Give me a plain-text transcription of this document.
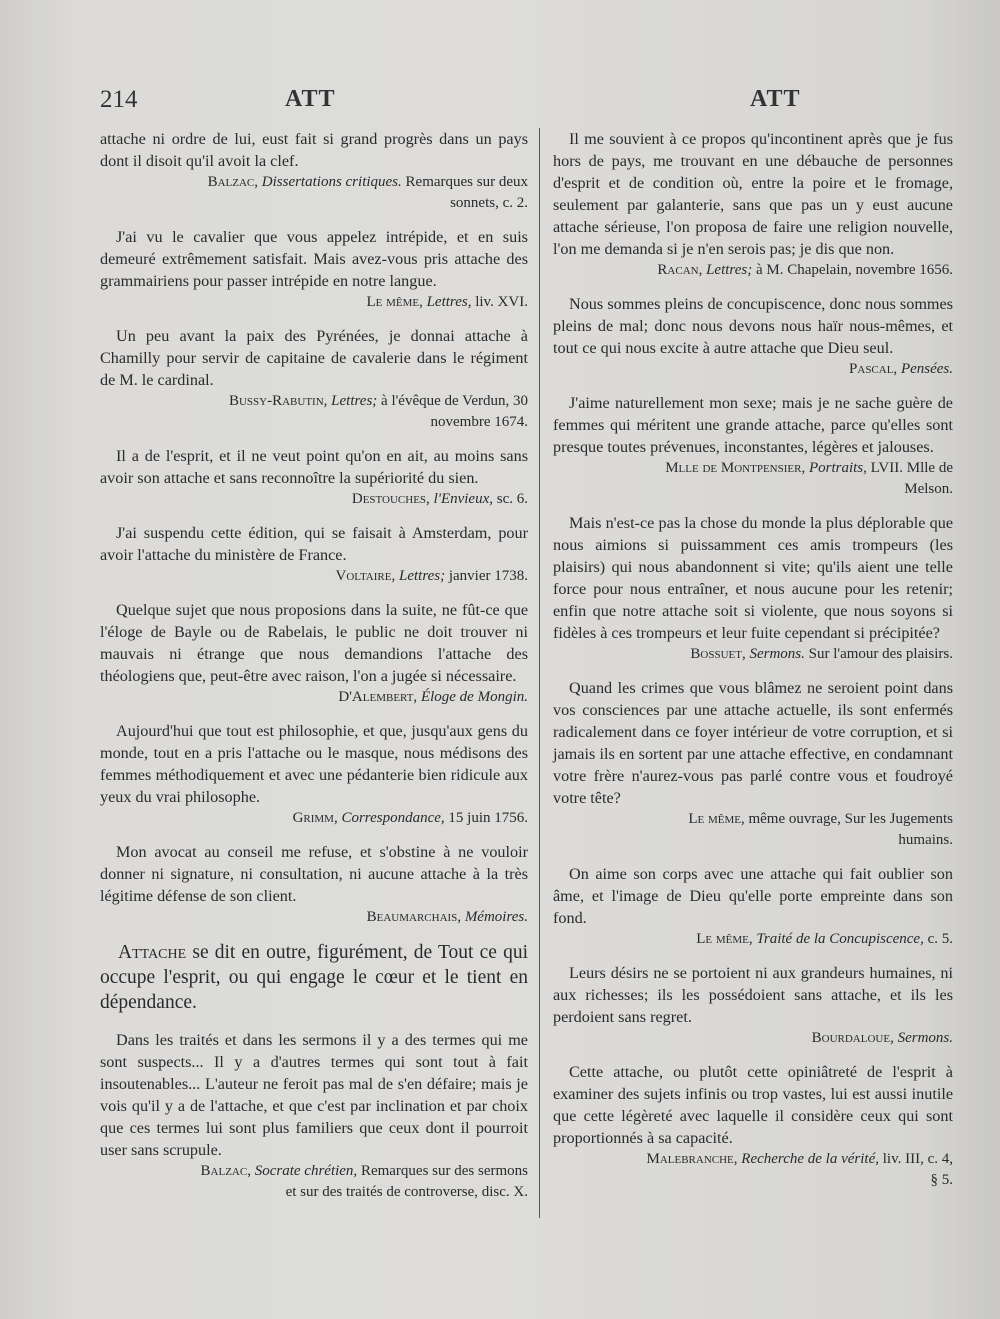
214	ATT	ATT

attache ni ordre de lui, eust fait si grand progrès dans un pays dont il disoit qu'il avoit la clef.

Balzac, Dissertations critiques. Remarques sur deux sonnets, c. 2.

J'ai vu le cavalier que vous appelez intrépide, et en suis demeuré extrêmement satisfait. Mais avez-vous pris attache des grammairiens pour passer intrépide en notre langue.

Le même, Lettres, liv. XVI.

Un peu avant la paix des Pyrénées, je donnai attache à Chamilly pour servir de capitaine de cavalerie dans le régiment de M. le cardinal.

Bussy-Rabutin, Lettres; à l'évêque de Verdun, 30 novembre 1674.

Il a de l'esprit, et il ne veut point qu'on en ait, au moins sans avoir son attache et sans reconnoître la supériorité du sien.

Destouches, l'Envieux, sc. 6.

J'ai suspendu cette édition, qui se faisait à Amsterdam, pour avoir l'attache du ministère de France.

Voltaire, Lettres; janvier 1738.

Quelque sujet que nous proposions dans la suite, ne fût-ce que l'éloge de Bayle ou de Rabelais, le public ne doit trouver ni mauvais ni étrange que nous demandions l'attache des théologiens que, peut-être avec raison, l'on a jugée si nécessaire.

D'Alembert, Éloge de Mongin.

Aujourd'hui que tout est philosophie, et que, jusqu'aux gens du monde, tout en a pris l'attache ou le masque, nous médisons des femmes méthodiquement et avec une pédanterie bien ridicule aux yeux du vrai philosophe.

Grimm, Correspondance, 15 juin 1756.

Mon avocat au conseil me refuse, et s'obstine à ne vouloir donner ni signature, ni consultation, ni aucune attache à la très légitime défense de son client.

Beaumarchais, Mémoires.

Attache se dit en outre, figurément, de Tout ce qui occupe l'esprit, ou qui engage le cœur et le tient en dépendance.

Dans les traités et dans les sermons il y a des termes qui me sont suspects... Il y a d'autres termes qui sont tout à fait insoutenables... L'auteur ne feroit pas mal de s'en défaire; mais je vois qu'il y a de l'attache, et que c'est par inclination et par choix que ces termes lui sont plus familiers que ceux dont il pourroit user sans scrupule.

Balzac, Socrate chrétien, Remarques sur des sermons et sur des traités de controverse, disc. X.

Il me souvient à ce propos qu'incontinent après que je fus hors de pays, me trouvant en une débauche de personnes d'esprit et de condition où, entre la poire et le fromage, seulement par galanterie, sans que pas un y eust aucune attache sérieuse, l'on proposa de faire une religion nouvelle, l'on me demanda si je n'en serois pas; je dis que non.

Racan, Lettres; à M. Chapelain, novembre 1656.

Nous sommes pleins de concupiscence, donc nous sommes pleins de mal; donc nous devons nous haïr nous-mêmes, et tout ce qui nous excite à autre attache que Dieu seul.

Pascal, Pensées.

J'aime naturellement mon sexe; mais je ne sache guère de femmes qui méritent une grande attache, parce qu'elles sont presque toutes prévenues, inconstantes, légères et jalouses.

Mlle de Montpensier, Portraits, LVII. Mlle de Melson.

Mais n'est-ce pas la chose du monde la plus déplorable que nous aimions si puissamment ces amis trompeurs (les plaisirs) qui nous abandonnent si vite; qu'ils aient une telle force pour nous entraîner, et nous aucune pour les retenir; enfin que notre attache soit si violente, que nous soyons si fidèles à ces trompeurs et leur fuite cependant si précipitée?

Bossuet, Sermons. Sur l'amour des plaisirs.

Quand les crimes que vous blâmez ne seroient point dans vos consciences par une attache actuelle, ils sont enfermés radicalement dans ce foyer intérieur de votre corruption, et si jamais ils en sortent par une attache effective, en condamnant votre frère n'aurez-vous pas parlé contre vous et foudroyé votre tête?

Le même, même ouvrage, Sur les Jugements humains.

On aime son corps avec une attache qui fait oublier son âme, et l'image de Dieu qu'elle porte empreinte dans son fond.

Le même, Traité de la Concupiscence, c. 5.

Leurs désirs ne se portoient ni aux grandeurs humaines, ni aux richesses; ils les possédoient sans attache, et ils les perdoient sans regret.

Bourdaloue, Sermons.

Cette attache, ou plutôt cette opiniâtreté de l'esprit à examiner des sujets infinis ou trop vastes, lui est aussi inutile que cette légèreté avec laquelle il considère ceux qui sont proportionnés à sa capacité.

Malebranche, Recherche de la vérité, liv. III, c. 4, § 5.
